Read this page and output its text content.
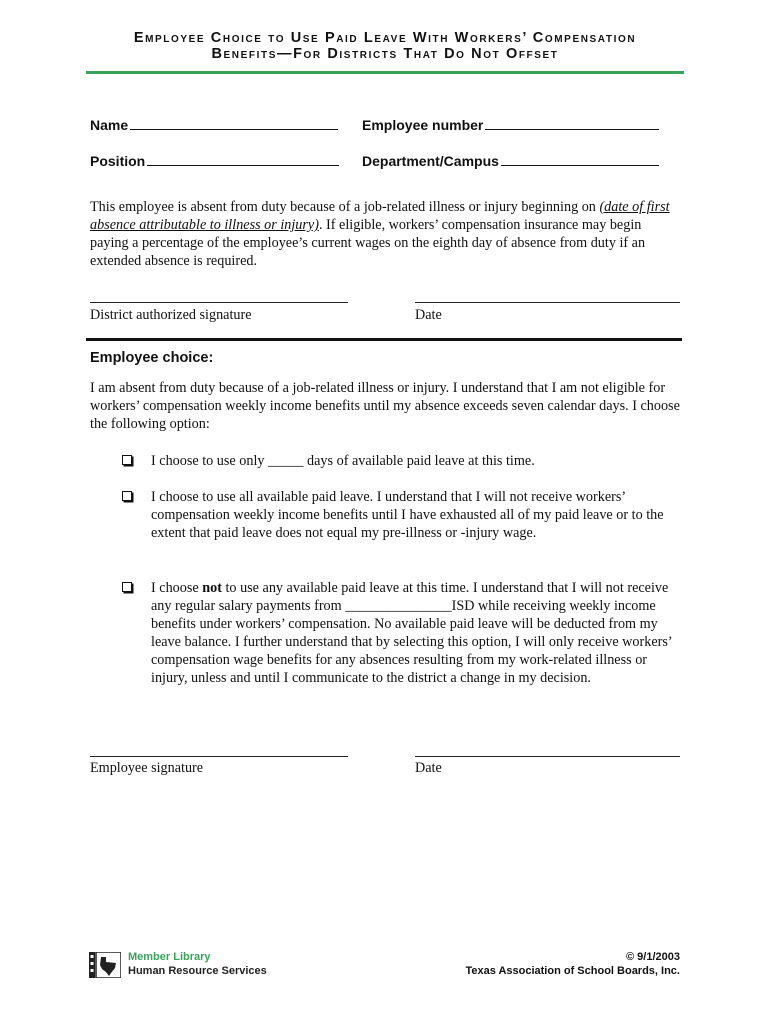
Employee Choice to Use Paid Leave With Workers’ Compensation
Benefits—For Districts That Do Not Offset
Name	Employee number
Position	Department/Campus

This employee is absent from duty because of a job-related illness or injury beginning on (date of first absence attributable to illness or injury). If eligible, workers’ compensation insurance may begin paying a percentage of the employee’s current wages on the eighth day of absence from duty if an extended absence is required.

District authorized signature	Date
Employee choice:

I am absent from duty because of a job-related illness or injury. I understand that I am not eligible for workers’ compensation weekly income benefits until my absence exceeds seven calendar days. I choose the following option:

I choose to use only _____ days of available paid leave at this time.
I choose to use all available paid leave. I understand that I will not receive workers’ compensation weekly income benefits until I have exhausted all of my paid leave or to the extent that paid leave does not equal my pre-illness or -injury wage.
I choose not to use any available paid leave at this time. I understand that I will not receive any regular salary payments from _______________ISD while receiving weekly income benefits under workers’ compensation. No available paid leave will be deducted from my leave balance. I further understand that by selecting this option, I will only receive workers’ compensation wage benefits for any absences resulting from my work-related illness or injury, unless and until I communicate to the district a change in my decision.
Employee signature	Date
Member Library
Human Resource Services
© 9/1/2003
Texas Association of School Boards, Inc.
